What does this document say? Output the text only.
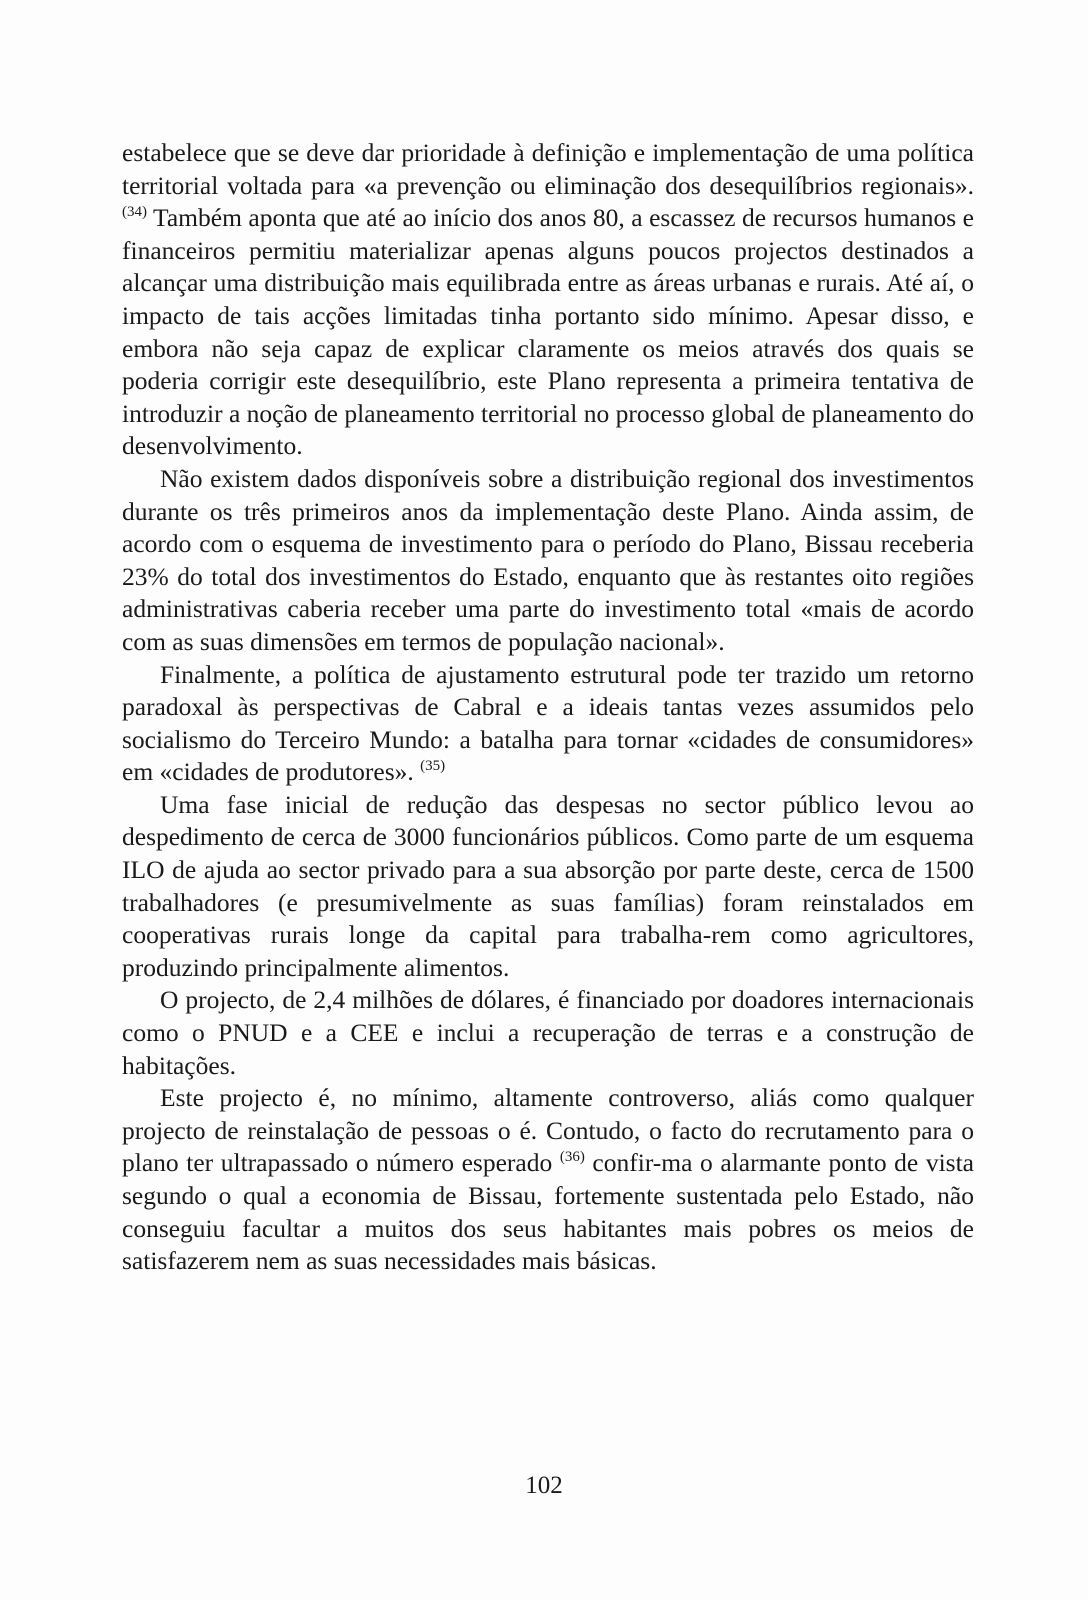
estabelece que se deve dar prioridade à definição e implementação de uma política territorial voltada para «a prevenção ou eliminação dos desequilíbrios regionais». $^{(34)}$ Também aponta que até ao início dos anos 80, a escassez de recursos humanos e financeiros permitiu materializar apenas alguns poucos projectos destinados a alcançar uma distribuição mais equilibrada entre as áreas urbanas e rurais. Até aí, o impacto de tais acções limitadas tinha portanto sido mínimo. Apesar disso, e embora não seja capaz de explicar claramente os meios através dos quais se poderia corrigir este desequilíbrio, este Plano representa a primeira tentativa de introduzir a noção de planeamento territorial no processo global de planeamento do desenvolvimento.

Não existem dados disponíveis sobre a distribuição regional dos investimentos durante os três primeiros anos da implementação deste Plano. Ainda assim, de acordo com o esquema de investimento para o período do Plano, Bissau receberia 23% do total dos investimentos do Estado, enquanto que às restantes oito regiões administrativas caberia receber uma parte do investimento total «mais de acordo com as suas dimensões em termos de população nacional».

Finalmente, a política de ajustamento estrutural pode ter trazido um retorno paradoxal às perspectivas de Cabral e a ideais tantas vezes assumidos pelo socialismo do Terceiro Mundo: a batalha para tornar «cidades de consumidores» em «cidades de produtores». $^{(35)}$

Uma fase inicial de redução das despesas no sector público levou ao despedimento de cerca de 3000 funcionários públicos. Como parte de um esquema ILO de ajuda ao sector privado para a sua absorção por parte deste, cerca de 1500 trabalhadores (e presumivelmente as suas famílias) foram reinstalados em cooperativas rurais longe da capital para trabalha-rem como agricultores, produzindo principalmente alimentos.

O projecto, de 2,4 milhões de dólares, é financiado por doadores internacionais como o PNUD e a CEE e inclui a recuperação de terras e a construção de habitações.

Este projecto é, no mínimo, altamente controverso, aliás como qualquer projecto de reinstalação de pessoas o é. Contudo, o facto do recrutamento para o plano ter ultrapassado o número esperado $^{(36)}$ confir-ma o alarmante ponto de vista segundo o qual a economia de Bissau, fortemente sustentada pelo Estado, não conseguiu facultar a muitos dos seus habitantes mais pobres os meios de satisfazerem nem as suas necessidades mais básicas.

102
